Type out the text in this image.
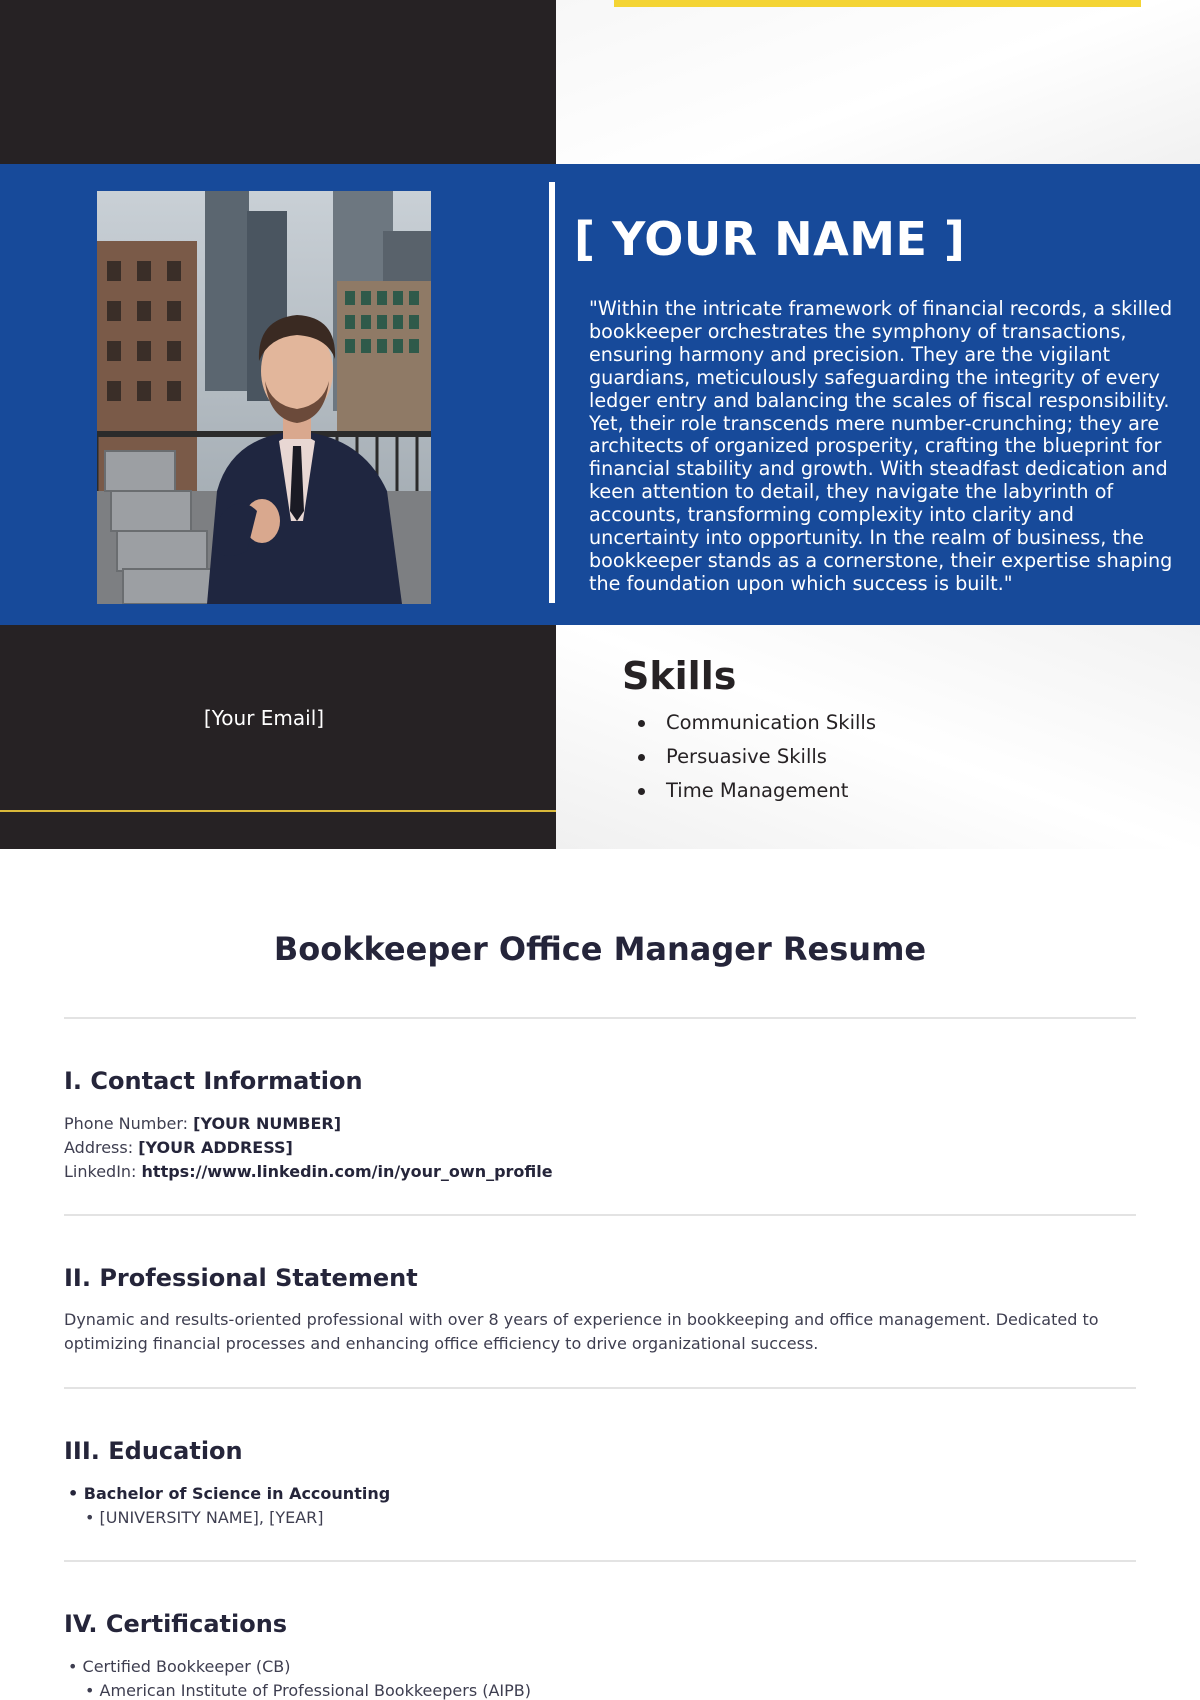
[ YOUR NAME ]
"Within the intricate framework of financial records, a skilled bookkeeper orchestrates the symphony of transactions, ensuring harmony and precision. They are the vigilant guardians, meticulously safeguarding the integrity of every ledger entry and balancing the scales of fiscal responsibility. Yet, their role transcends mere number-crunching; they are architects of organized prosperity, crafting the blueprint for financial stability and growth. With steadfast dedication and keen attention to detail, they navigate the labyrinth of accounts, transforming complexity into clarity and uncertainty into opportunity. In the realm of business, the bookkeeper stands as a cornerstone, their expertise shaping the foundation upon which success is built."
[Your Email]
Skills
Communication Skills
Persuasive Skills
Time Management
Bookkeeper Office Manager Resume
I. Contact Information
Phone Number: [YOUR NUMBER]
Address: [YOUR ADDRESS]
LinkedIn: https://www.linkedin.com/in/your_own_profile
II. Professional Statement
Dynamic and results-oriented professional with over 8 years of experience in bookkeeping and office management. Dedicated to optimizing financial processes and enhancing office efficiency to drive organizational success.
III. Education
• Bachelor of Science in Accounting
• [UNIVERSITY NAME], [YEAR]
IV. Certifications
• Certified Bookkeeper (CB)
• American Institute of Professional Bookkeepers (AIPB)
